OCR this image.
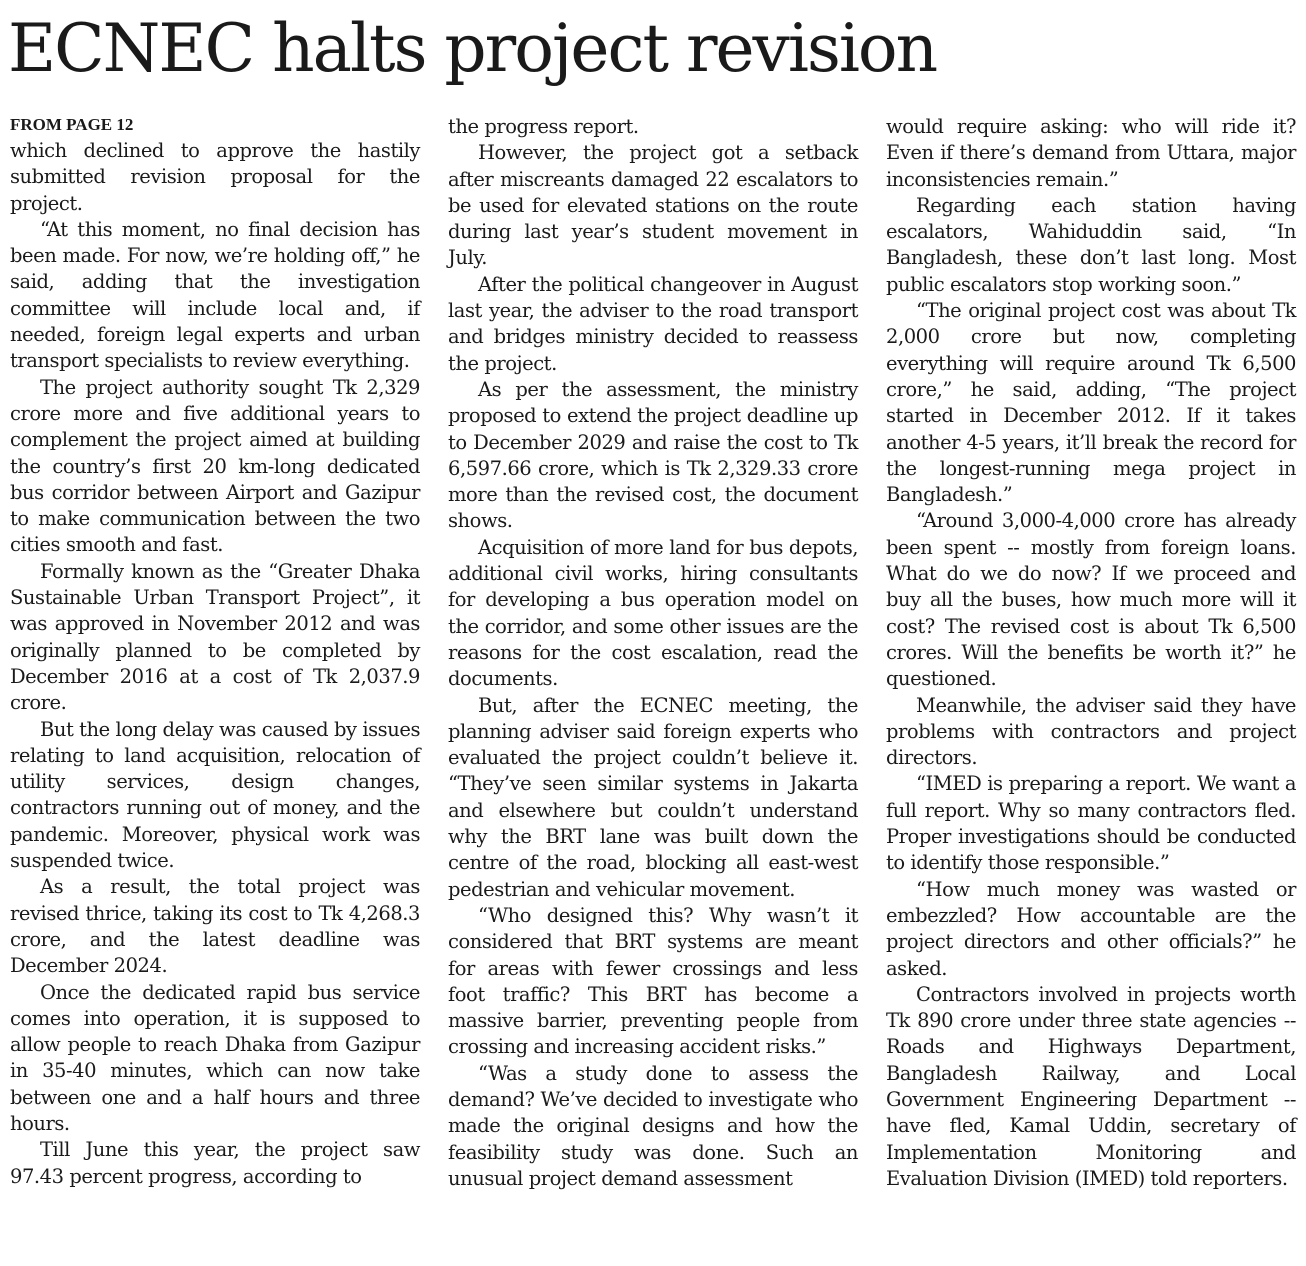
ECNEC halts project revision
FROM PAGE 12

which declined to approve the hastily submitted revision proposal for the project.

“At this moment, no final decision has been made. For now, we’re holding off,” he said, adding that the investigation committee will include local and, if needed, foreign legal experts and urban transport specialists to review everything.

The project authority sought Tk 2,329 crore more and five additional years to complement the project aimed at building the country’s first 20 km-long dedicated bus corridor between Airport and Gazipur to make communication between the two cities smooth and fast.

Formally known as the “Greater Dhaka Sustainable Urban Transport Project”, it was approved in November 2012 and was originally planned to be completed by December 2016 at a cost of Tk 2,037.9 crore.

But the long delay was caused by issues relating to land acquisition, relocation of utility services, design changes, contractors running out of money, and the pandemic. Moreover, physical work was suspended twice.

As a result, the total project was revised thrice, taking its cost to Tk 4,268.3 crore, and the latest deadline was December 2024.

Once the dedicated rapid bus service comes into operation, it is supposed to allow people to reach Dhaka from Gazipur in 35-40 minutes, which can now take between one and a half hours and three hours.

Till June this year, the project saw 97.43 percent progress, according to

the progress report.

However, the project got a setback after miscreants damaged 22 escalators to be used for elevated stations on the route during last year’s student movement in July.

After the political changeover in August last year, the adviser to the road transport and bridges ministry decided to reassess the project.

As per the assessment, the ministry proposed to extend the project deadline up to December 2029 and raise the cost to Tk 6,597.66 crore, which is Tk 2,329.33 crore more than the revised cost, the document shows.

Acquisition of more land for bus depots, additional civil works, hiring consultants for developing a bus operation model on the corridor, and some other issues are the reasons for the cost escalation, read the documents.

But, after the ECNEC meeting, the planning adviser said foreign experts who evaluated the project couldn’t believe it. “They’ve seen similar systems in Jakarta and elsewhere but couldn’t understand why the BRT lane was built down the centre of the road, blocking all east-west pedestrian and vehicular movement.

“Who designed this? Why wasn’t it considered that BRT systems are meant for areas with fewer crossings and less foot traffic? This BRT has become a massive barrier, preventing people from crossing and increasing accident risks.”

“Was a study done to assess the demand? We’ve decided to investigate who made the original designs and how the feasibility study was done. Such an unusual project demand assessment

would require asking: who will ride it? Even if there’s demand from Uttara, major inconsistencies remain.”

Regarding each station having escalators, Wahiduddin said, “In Bangladesh, these don’t last long. Most public escalators stop working soon.”

“The original project cost was about Tk 2,000 crore but now, completing everything will require around Tk 6,500 crore,” he said, adding, “The project started in December 2012. If it takes another 4-5 years, it’ll break the record for the longest-running mega project in Bangladesh.”

“Around 3,000-4,000 crore has already been spent -- mostly from foreign loans. What do we do now? If we proceed and buy all the buses, how much more will it cost? The revised cost is about Tk 6,500 crores. Will the benefits be worth it?” he questioned.

Meanwhile, the adviser said they have problems with contractors and project directors.

“IMED is preparing a report. We want a full report. Why so many contractors fled. Proper investigations should be conducted to identify those responsible.”

“How much money was wasted or embezzled? How accountable are the project directors and other officials?” he asked.

Contractors involved in projects worth Tk 890 crore under three state agencies -- Roads and Highways Department, Bangladesh Railway, and Local Government Engineering Department -- have fled, Kamal Uddin, secretary of Implementation Monitoring and Evaluation Division (IMED) told reporters.
